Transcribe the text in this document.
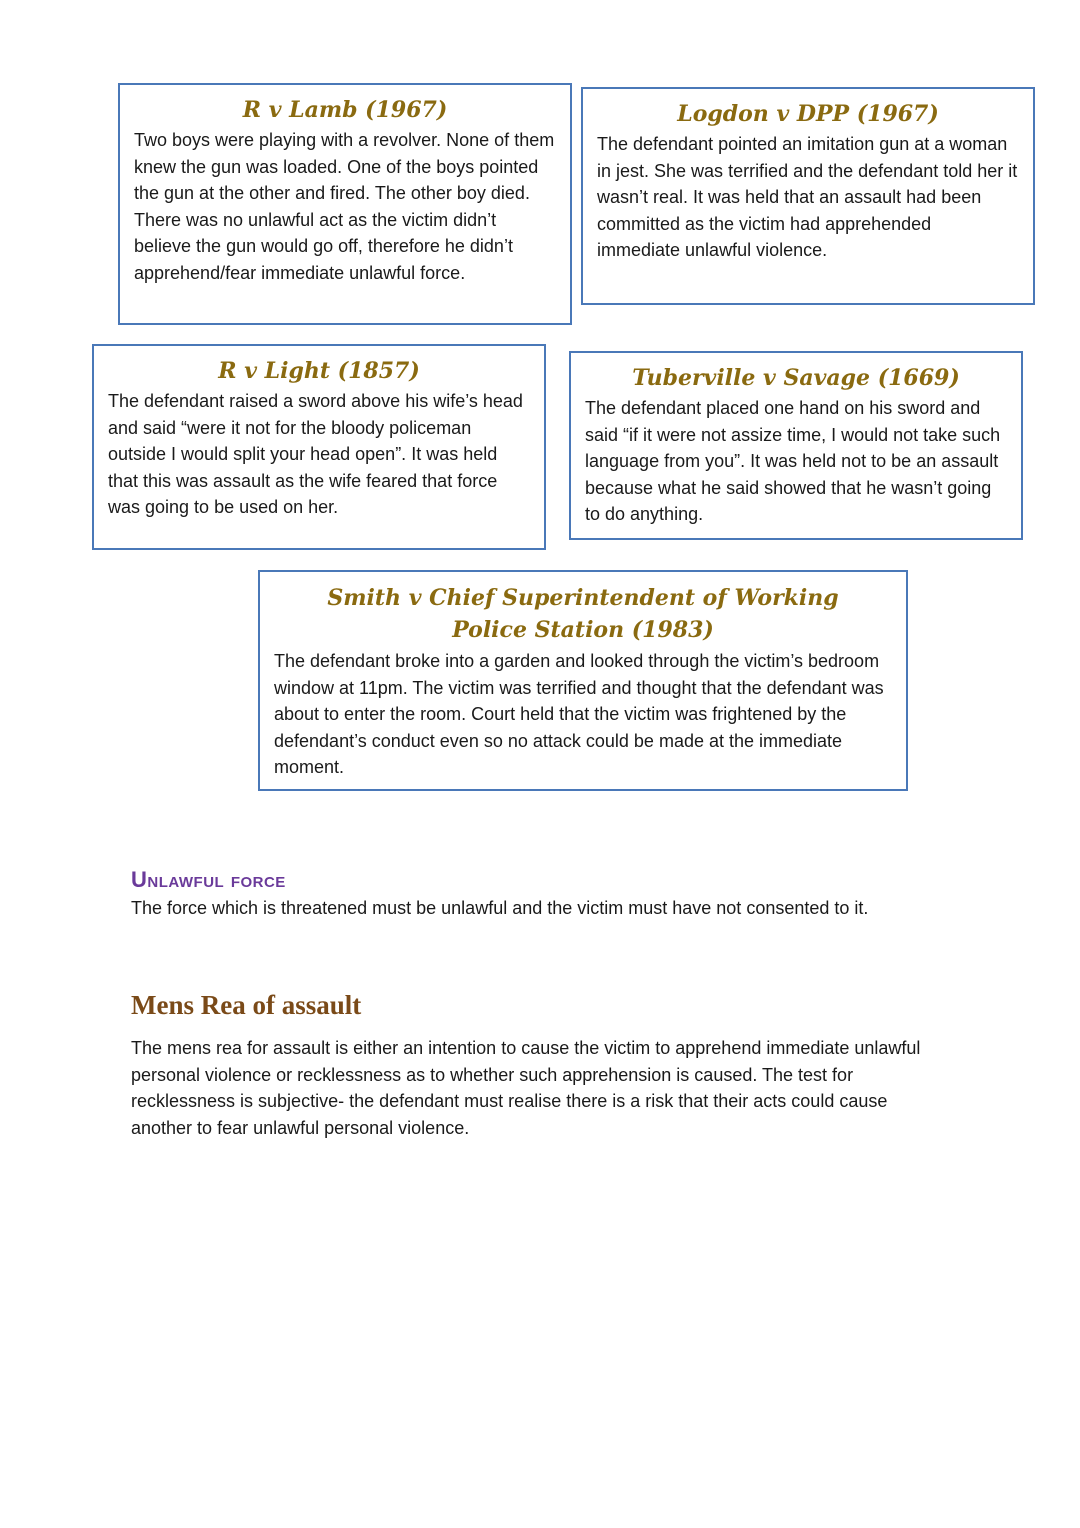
R v Lamb (1967)

Two boys were playing with a revolver. None of them knew the gun was loaded. One of the boys pointed the gun at the other and fired. The other boy died. There was no unlawful act as the victim didn’t believe the gun would go off, therefore he didn’t apprehend/fear immediate unlawful force.

Logdon v DPP (1967)

The defendant pointed an imitation gun at a woman in jest. She was terrified and the defendant told her it wasn’t real. It was held that an assault had been committed as the victim had apprehended immediate unlawful violence.

R v Light (1857)

The defendant raised a sword above his wife’s head and said “were it not for the bloody policeman outside I would split your head open”. It was held that this was assault as the wife feared that force was going to be used on her.

Tuberville v Savage (1669)

The defendant placed one hand on his sword and said “if it were not assize time, I would not take such language from you”. It was held not to be an assault because what he said showed that he wasn’t going to do anything.

Smith v Chief Superintendent of Working Police Station (1983)

The defendant broke into a garden and looked through the victim’s bedroom window at 11pm. The victim was terrified and thought that the defendant was about to enter the room. Court held that the victim was frightened by the defendant’s conduct even so no attack could be made at the immediate moment.

Unlawful force

The force which is threatened must be unlawful and the victim must have not consented to it.

Mens Rea of assault

The mens rea for assault is either an intention to cause the victim to apprehend immediate unlawful personal violence or recklessness as to whether such apprehension is caused. The test for recklessness is subjective- the defendant must realise there is a risk that their acts could cause another to fear unlawful personal violence.
